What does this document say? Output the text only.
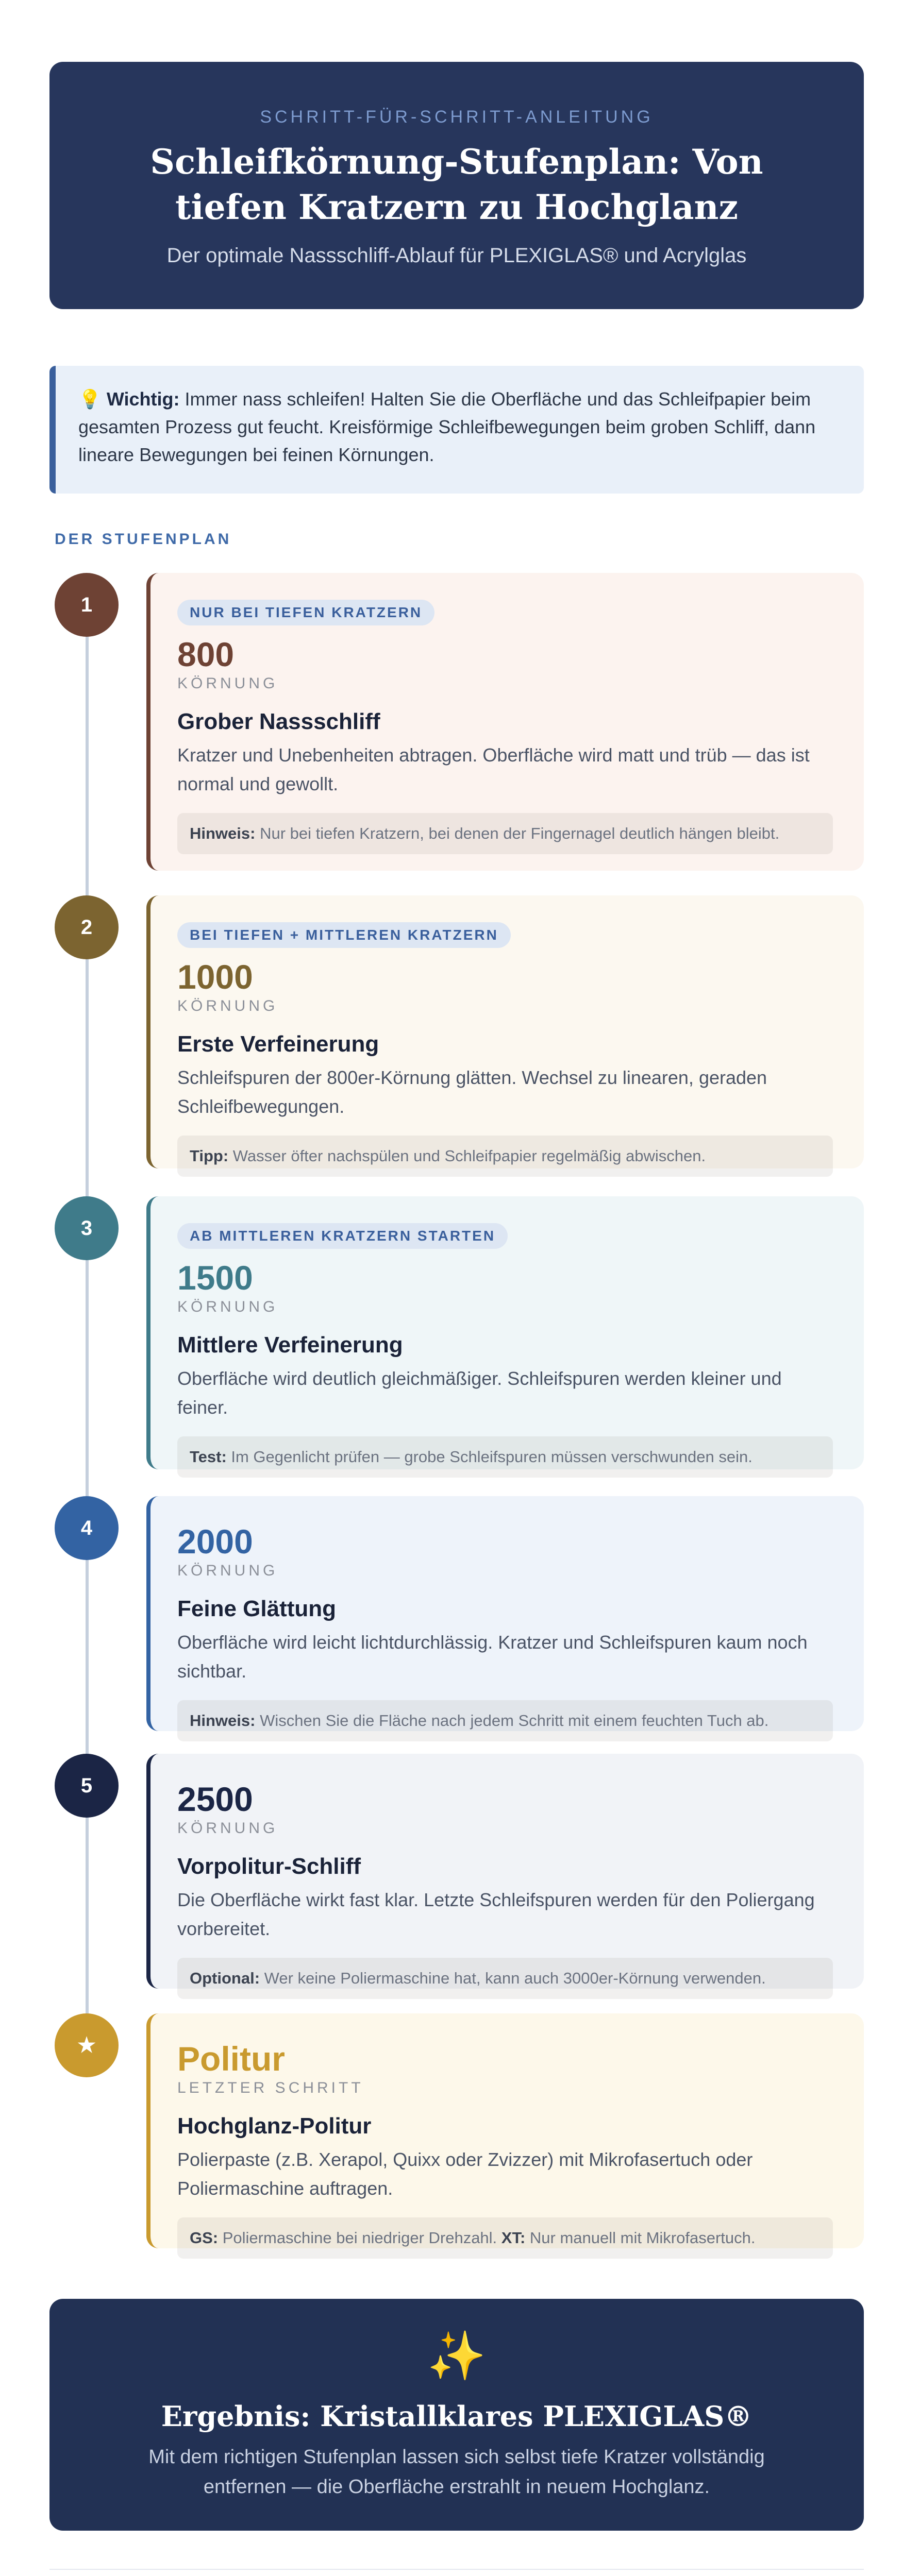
SCHRITT-FÜR-SCHRITT-ANLEITUNG
Schleifkörnung-Stufenplan: Von tiefen Kratzern zu Hochglanz
Der optimale Nassschliff-Ablauf für PLEXIGLAS® und Acrylglas
💡 Wichtig: Immer nass schleifen! Halten Sie die Oberfläche und das Schleifpapier beim gesamten Prozess gut feucht. Kreisförmige Schleifbewegungen beim groben Schliff, dann lineare Bewegungen bei feinen Körnungen.
DER STUFENPLAN
1	NUR BEI TIEFEN KRATZERN
800
KÖRNUNG
Grober Nassschliff
Kratzer und Unebenheiten abtragen. Oberfläche wird matt und trüb — das ist normal und gewollt.
Hinweis: Nur bei tiefen Kratzern, bei denen der Fingernagel deutlich hängen bleibt.
2	BEI TIEFEN + MITTLEREN KRATZERN
1000
KÖRNUNG
Erste Verfeinerung
Schleifspuren der 800er-Körnung glätten. Wechsel zu linearen, geraden Schleifbewegungen.
Tipp: Wasser öfter nachspülen und Schleifpapier regelmäßig abwischen.
3	AB MITTLEREN KRATZERN STARTEN
1500
KÖRNUNG
Mittlere Verfeinerung
Oberfläche wird deutlich gleichmäßiger. Schleifspuren werden kleiner und feiner.
Test: Im Gegenlicht prüfen — grobe Schleifspuren müssen verschwunden sein.
4	2000
KÖRNUNG
Feine Glättung
Oberfläche wird leicht lichtdurchlässig. Kratzer und Schleifspuren kaum noch sichtbar.
Hinweis: Wischen Sie die Fläche nach jedem Schritt mit einem feuchten Tuch ab.
5	2500
KÖRNUNG
Vorpolitur-Schliff
Die Oberfläche wirkt fast klar. Letzte Schleifspuren werden für den Poliergang vorbereitet.
Optional: Wer keine Poliermaschine hat, kann auch 3000er-Körnung verwenden.
★	Politur
LETZTER SCHRITT
Hochglanz-Politur
Polierpaste (z.B. Xerapol, Quixx oder Zvizzer) mit Mikrofasertuch oder Poliermaschine auftragen.
GS: Poliermaschine bei niedriger Drehzahl. XT: Nur manuell mit Mikrofasertuch.
✨
Ergebnis: Kristallklares PLEXIGLAS®

Mit dem richtigen Stufenplan lassen sich selbst tiefe Kratzer vollständig entfernen — die Oberfläche erstrahlt in neuem Hochglanz.
